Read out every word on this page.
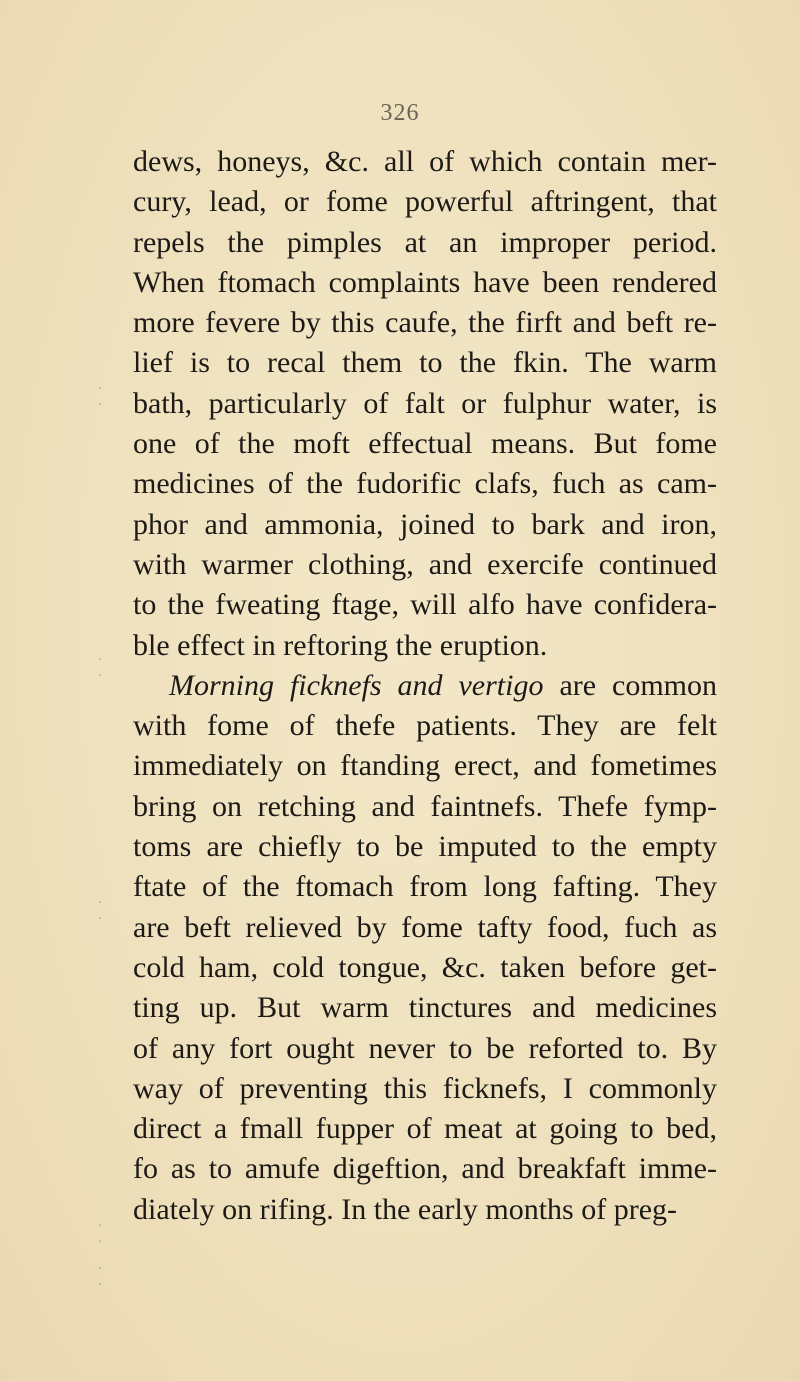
326
. .
. .
. .
. .
. .
dews, honeys, &c. all of which contain mer-
cury, lead, or fome powerful aftringent, that
repels the pimples at an improper period.
When ftomach complaints have been rendered
more fevere by this caufe, the firft and beft re-
lief is to recal them to the fkin. The warm
bath, particularly of falt or fulphur water, is
one of the moft effectual means. But fome
medicines of the fudorific clafs, fuch as cam-
phor and ammonia, joined to bark and iron,
with warmer clothing, and exercife continued
to the fweating ftage, will alfo have confidera-
ble effect in reftoring the eruption.
Morning ficknefs and vertigo are common
with fome of thefe patients. They are felt
immediately on ftanding erect, and fometimes
bring on retching and faintnefs. Thefe fymp-
toms are chiefly to be imputed to the empty
ftate of the ftomach from long fafting. They
are beft relieved by fome tafty food, fuch as
cold ham, cold tongue, &c. taken before get-
ting up. But warm tinctures and medicines
of any fort ought never to be reforted to. By
way of preventing this ficknefs, I commonly
direct a fmall fupper of meat at going to bed,
fo as to amufe digeftion, and breakfaft imme-
diately on rifing. In the early months of preg-
